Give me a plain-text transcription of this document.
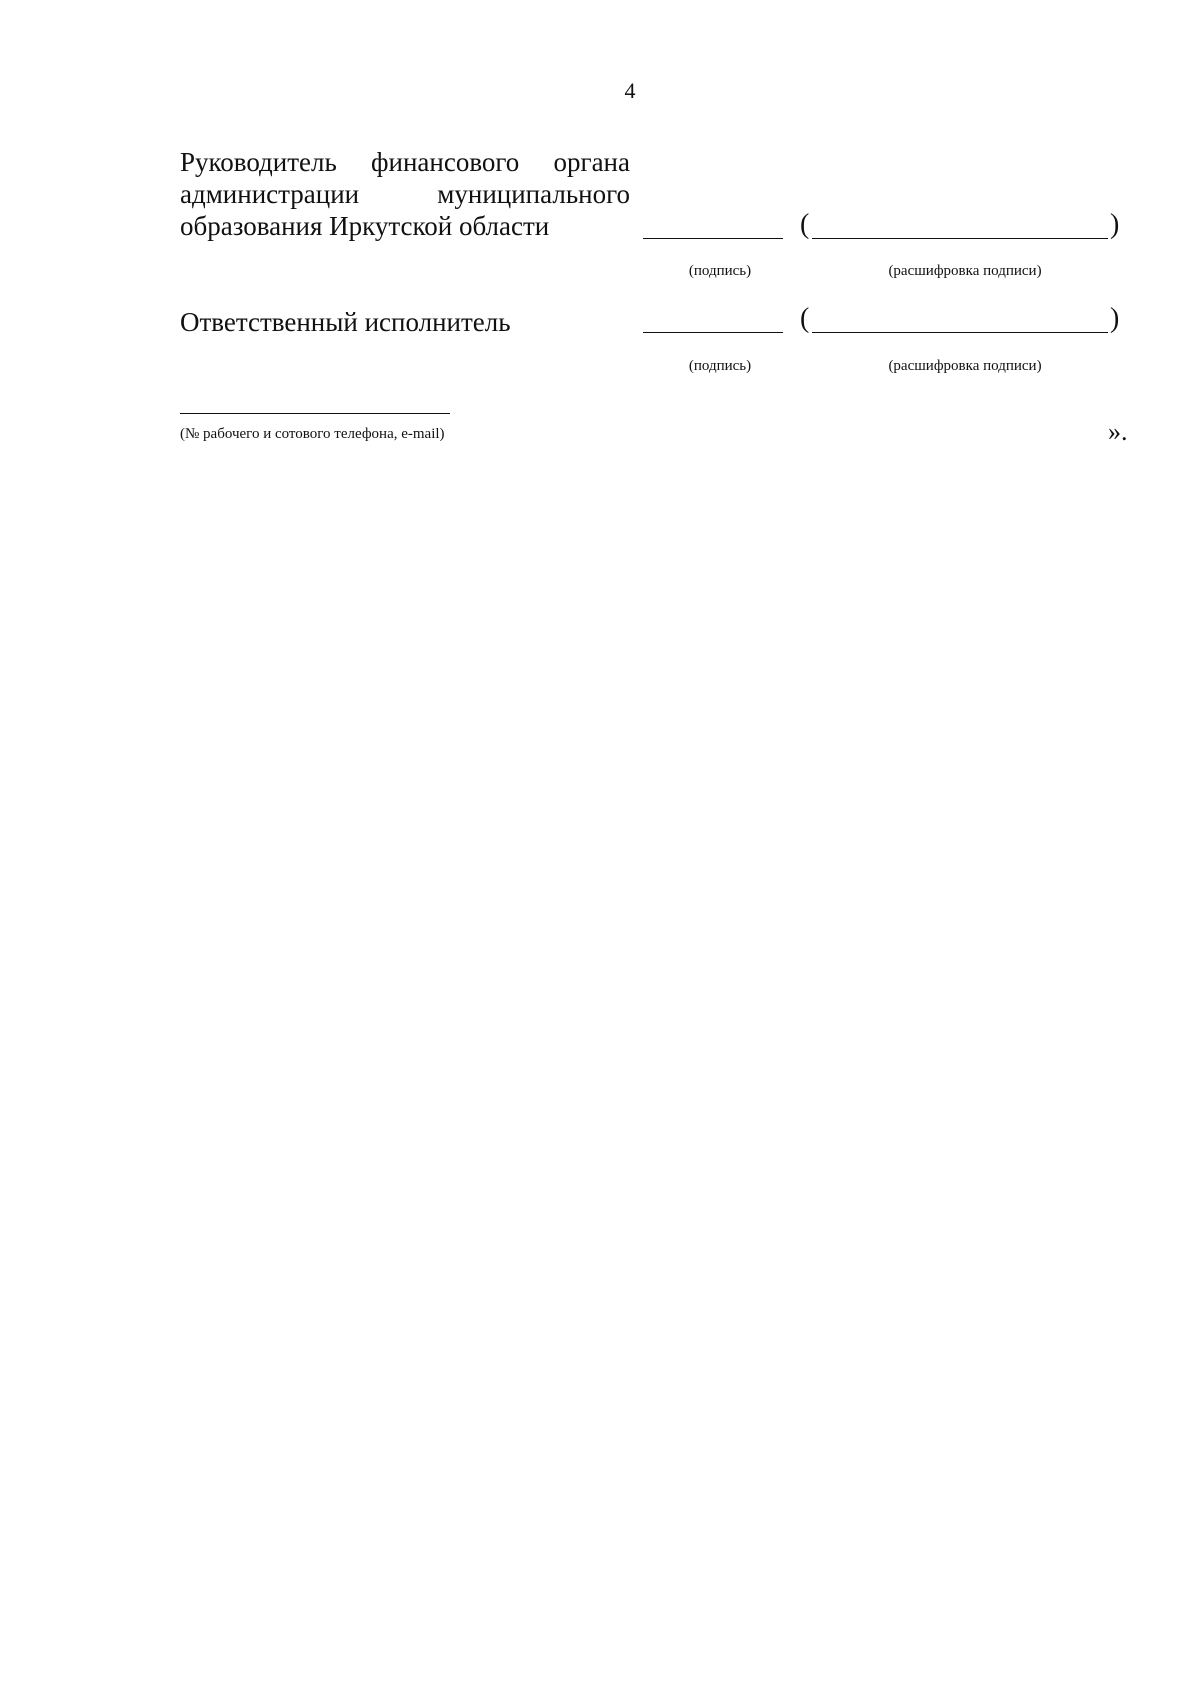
4
Руководитель финансового органа
администрации муниципального
образования Иркутской области	(	)
(подпись)	(расшифровка подписи)
Ответственный исполнитель	(	)
(подпись)	(расшифровка подписи)
(№ рабочего и сотового телефона, e-mail)	».
